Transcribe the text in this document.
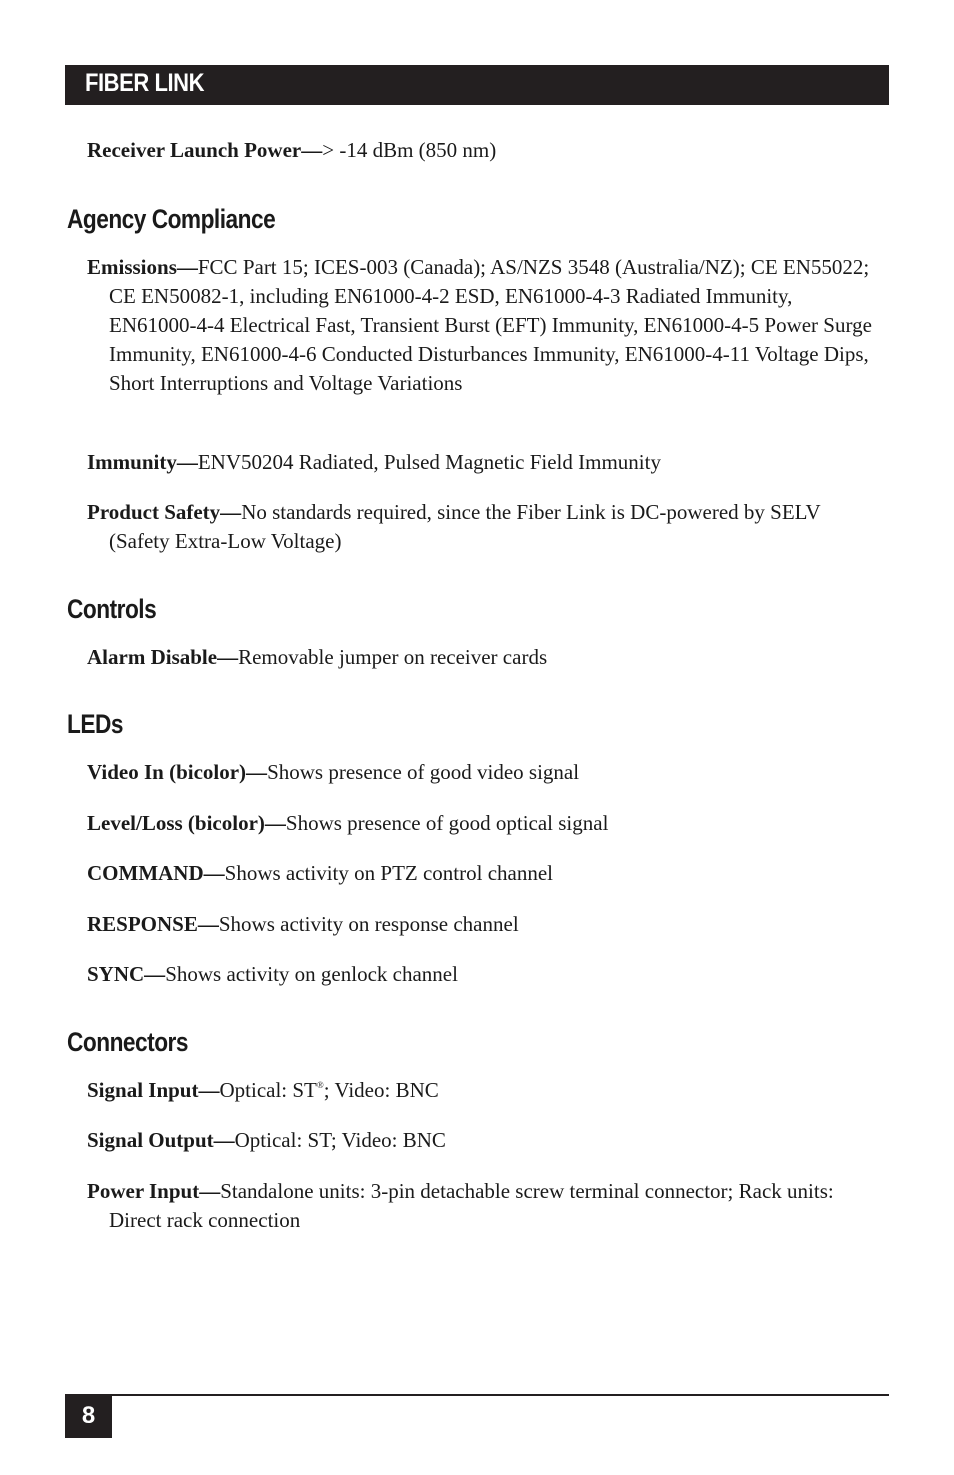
FIBER LINK
Receiver Launch Power—> -14 dBm (850 nm)
Agency Compliance
Emissions—FCC Part 15; ICES-003 (Canada); AS/NZS 3548 (Australia/NZ); CE EN55022; CE EN50082-1, including EN61000-4-2 ESD, EN61000-4-3 Radiated Immunity, EN61000-4-4 Electrical Fast, Transient Burst (EFT) Immunity, EN61000-4-5 Power Surge Immunity, EN61000-4-6 Conducted Disturbances Immunity, EN61000-4-11 Voltage Dips, Short Interruptions and Voltage Variations
Immunity—ENV50204 Radiated, Pulsed Magnetic Field Immunity
Product Safety—No standards required, since the Fiber Link is DC-powered by SELV (Safety Extra-Low Voltage)
Controls
Alarm Disable—Removable jumper on receiver cards
LEDs
Video In (bicolor)—Shows presence of good video signal
Level/Loss (bicolor)—Shows presence of good optical signal
COMMAND—Shows activity on PTZ control channel
RESPONSE—Shows activity on response channel
SYNC—Shows activity on genlock channel
Connectors
Signal Input—Optical: ST®; Video: BNC
Signal Output—Optical: ST; Video: BNC
Power Input—Standalone units: 3-pin detachable screw terminal connector; Rack units: Direct rack connection
8
